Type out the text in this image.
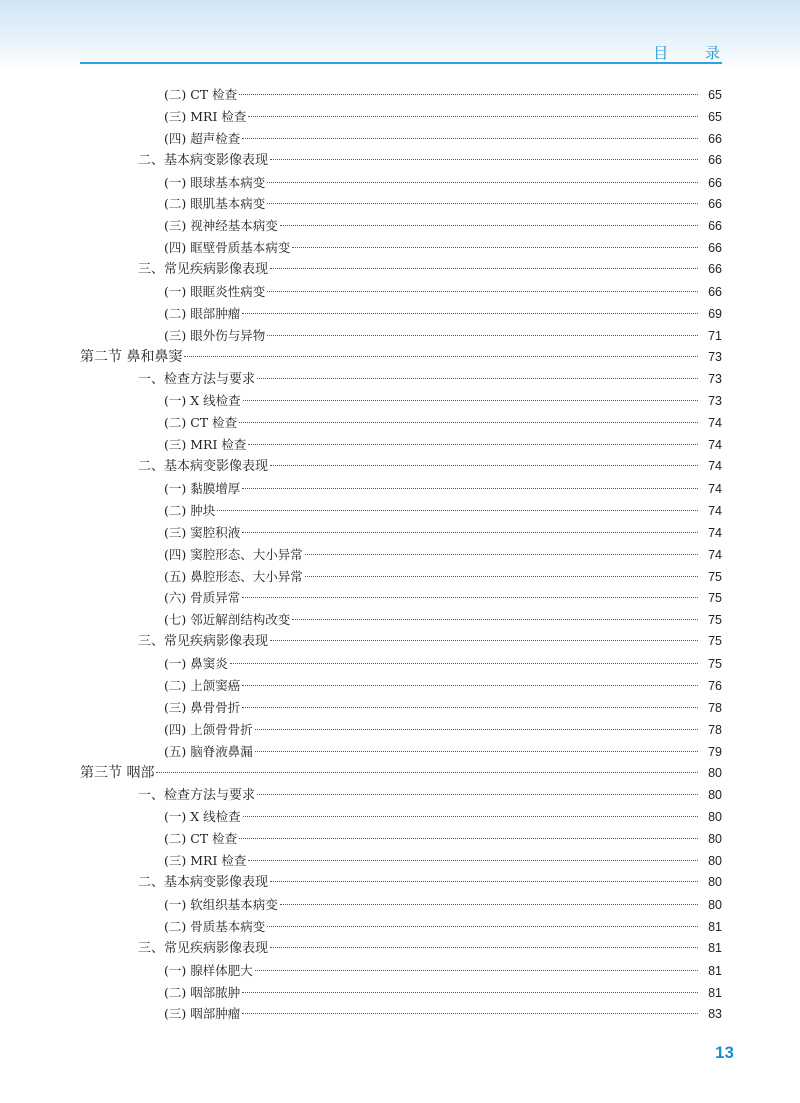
目 录
(二) CT 检查	65
(三) MRI 检查	65
(四) 超声检查	66
二、基本病变影像表现	66
(一) 眼球基本病变	66
(二) 眼肌基本病变	66
(三) 视神经基本病变	66
(四) 眶壁骨质基本病变	66
三、常见疾病影像表现	66
(一) 眼眶炎性病变	66
(二) 眼部肿瘤	69
(三) 眼外伤与异物	71
第二节 鼻和鼻窦	73
一、检查方法与要求	73
(一) X 线检查	73
(二) CT 检查	74
(三) MRI 检查	74
二、基本病变影像表现	74
(一) 黏膜增厚	74
(二) 肿块	74
(三) 窦腔积液	74
(四) 窦腔形态、大小异常	74
(五) 鼻腔形态、大小异常	75
(六) 骨质异常	75
(七) 邻近解剖结构改变	75
三、常见疾病影像表现	75
(一) 鼻窦炎	75
(二) 上颌窦癌	76
(三) 鼻骨骨折	78
(四) 上颌骨骨折	78
(五) 脑脊液鼻漏	79
第三节 咽部	80
一、检查方法与要求	80
(一) X 线检查	80
(二) CT 检查	80
(三) MRI 检查	80
二、基本病变影像表现	80
(一) 软组织基本病变	80
(二) 骨质基本病变	81
三、常见疾病影像表现	81
(一) 腺样体肥大	81
(二) 咽部脓肿	81
(三) 咽部肿瘤	83
13
